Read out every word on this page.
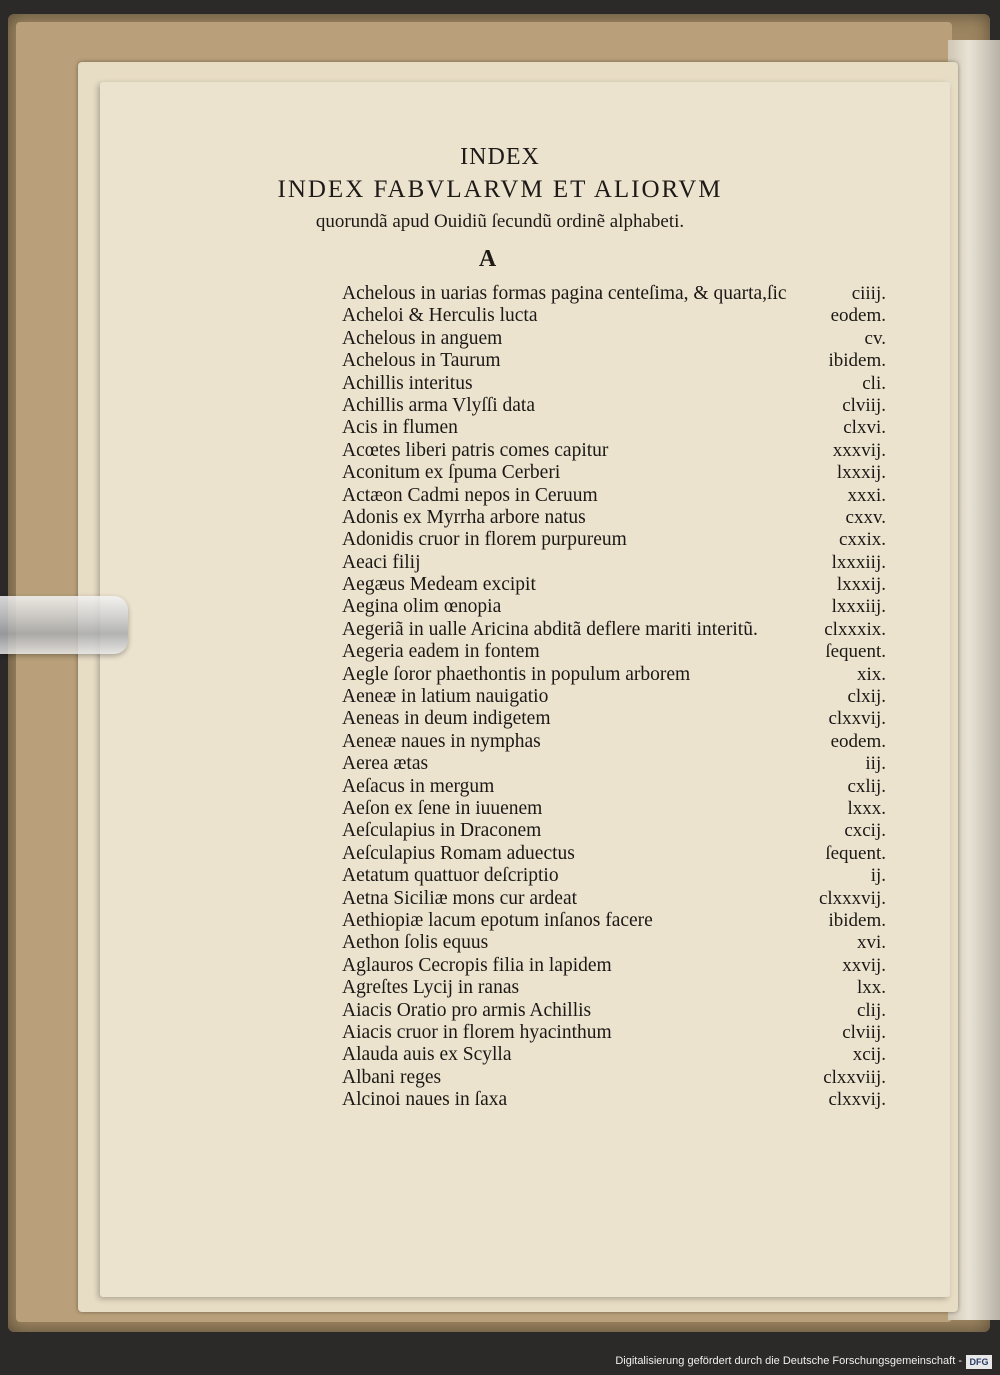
INDEX
INDEX FABVLARVM ET ALIORVM
quorundã apud Ouidiũ ſecundũ ordinẽ alphabeti.
A
Achelous in uarias formas pagina centeſima, & quarta,ſic	ciiij.
Acheloi & Herculis lucta	eodem.
Achelous in anguem	cv.
Achelous in Taurum	ibidem.
Achillis interitus	cli.
Achillis arma Vlyſſi data	clviij.
Acis in flumen	clxvi.
Acœtes liberi patris comes capitur	xxxvij.
Aconitum ex ſpuma Cerberi	lxxxij.
Actæon Cadmi nepos in Ceruum	xxxi.
Adonis ex Myrrha arbore natus	cxxv.
Adonidis cruor in florem purpureum	cxxix.
Aeaci filij	lxxxiij.
Aegæus Medeam excipit	lxxxij.
Aegina olim œnopia	lxxxiij.
Aegeriã in ualle Aricina abditã deflere mariti interitũ.	clxxxix.
Aegeria eadem in fontem	ſequent.
Aegle ſoror phaethontis in populum arborem	xix.
Aeneæ in latium nauigatio	clxij.
Aeneas in deum indigetem	clxxvij.
Aeneæ naues in nymphas	eodem.
Aerea ætas	iij.
Aeſacus in mergum	cxlij.
Aeſon ex ſene in iuuenem	lxxx.
Aeſculapius in Draconem	cxcij.
Aeſculapius Romam aduectus	ſequent.
Aetatum quattuor deſcriptio	ij.
Aetna Siciliæ mons cur ardeat	clxxxvij.
Aethiopiæ lacum epotum inſanos facere	ibidem.
Aethon ſolis equus	xvi.
Aglauros Cecropis filia in lapidem	xxvij.
Agreſtes Lycij in ranas	lxx.
Aiacis Oratio pro armis Achillis	clij.
Aiacis cruor in florem hyacinthum	clviij.
Alauda auis ex Scylla	xcij.
Albani reges	clxxviij.
Alcinoi naues in ſaxa	clxxvij.
Digitalisierung gefördert durch die Deutsche Forschungsgemeinschaft - DFG
